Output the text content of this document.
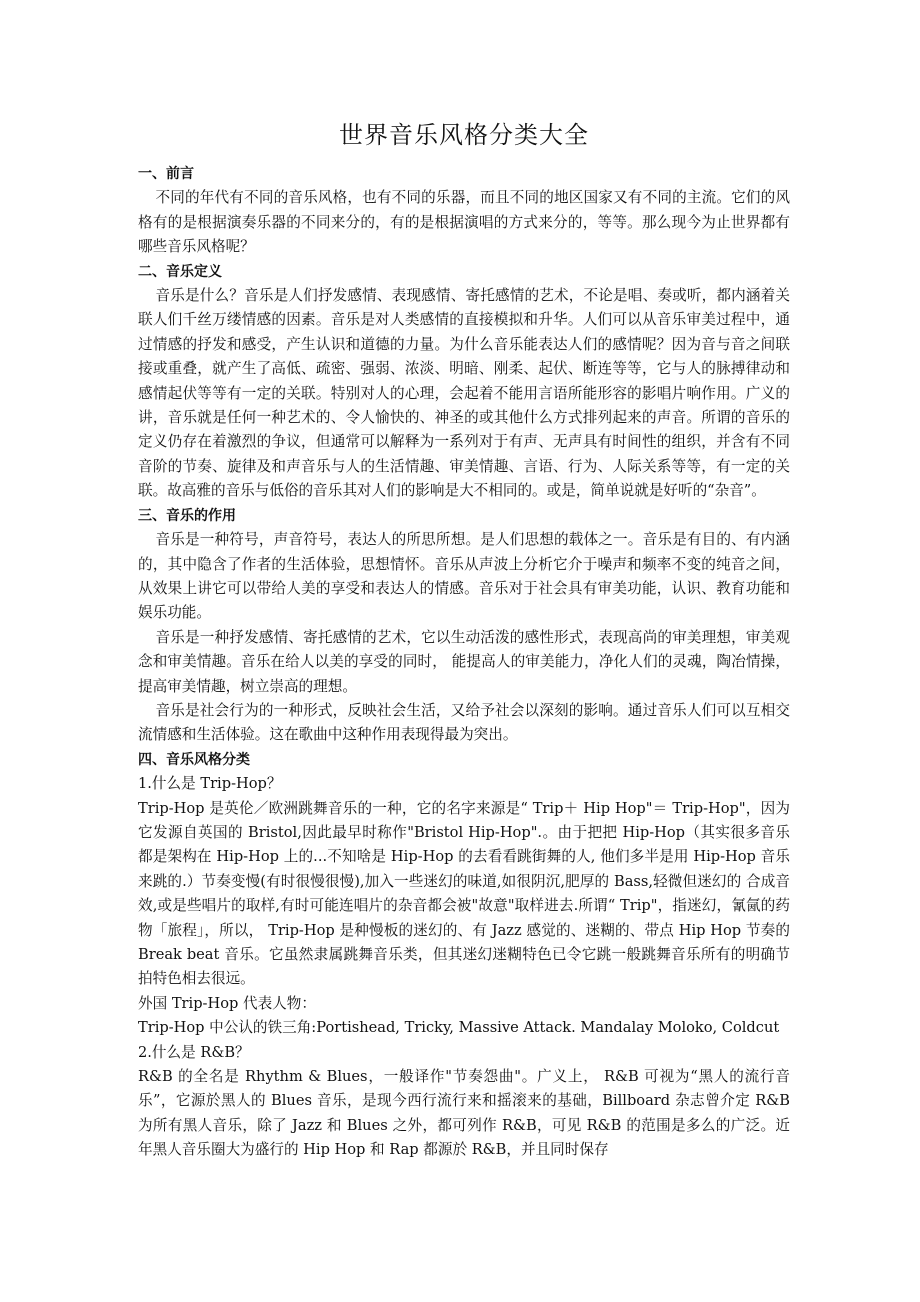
世界音乐风格分类大全

一、前言

不同的年代有不同的音乐风格，也有不同的乐器，而且不同的地区国家又有不同的主流。它们的风格有的是根据演奏乐器的不同来分的，有的是根据演唱的方式来分的，等等。那么现今为止世界都有哪些音乐风格呢？

二、音乐定义

音乐是什么？音乐是人们抒发感情、表现感情、寄托感情的艺术，不论是唱、奏或听，都内涵着关联人们千丝万缕情感的因素。音乐是对人类感情的直接模拟和升华。人们可以从音乐审美过程中，通过情感的抒发和感受，产生认识和道德的力量。为什么音乐能表达人们的感情呢？因为音与音之间联接或重叠，就产生了高低、疏密、强弱、浓淡、明暗、刚柔、起伏、断连等等，它与人的脉搏律动和感情起伏等等有一定的关联。特别对人的心理，会起着不能用言语所能形容的影唱片响作用。广义的讲，音乐就是任何一种艺术的、令人愉快的、神圣的或其他什么方式排列起来的声音。所谓的音乐的定义仍存在着激烈的争议，但通常可以解释为一系列对于有声、无声具有时间性的组织，并含有不同音阶的节奏、旋律及和声音乐与人的生活情趣、审美情趣、言语、行为、人际关系等等，有一定的关联。故高雅的音乐与低俗的音乐其对人们的影响是大不相同的。或是，简单说就是好听的“杂音”。

三、音乐的作用

音乐是一种符号，声音符号，表达人的所思所想。是人们思想的载体之一。音乐是有目的、有内涵的，其中隐含了作者的生活体验，思想情怀。音乐从声波上分析它介于噪声和频率不变的纯音之间，从效果上讲它可以带给人美的享受和表达人的情感。音乐对于社会具有审美功能，认识、教育功能和娱乐功能。

音乐是一种抒发感情、寄托感情的艺术，它以生动活泼的感性形式，表现高尚的审美理想，审美观念和审美情趣。音乐在给人以美的享受的同时， 能提高人的审美能力，净化人们的灵魂，陶冶情操，提高审美情趣，树立崇高的理想。

音乐是社会行为的一种形式，反映社会生活，又给予社会以深刻的影响。通过音乐人们可以互相交流情感和生活体验。这在歌曲中这种作用表现得最为突出。

四、音乐风格分类

1.什么是 Trip-Hop？

Trip-Hop 是英伦／欧洲跳舞音乐的一种，它的名字来源是“ Trip＋ Hip Hop"＝ Trip-Hop"，因为它发源自英国的 Bristol,因此最早时称作"Bristol Hip-Hop".。由于把把 Hip-Hop（其实很多音乐都是架构在 Hip-Hop 上的...不知啥是 Hip-Hop 的去看看跳街舞的人, 他们多半是用 Hip-Hop 音乐来跳的.）节奏变慢(有时很慢很慢),加入一些迷幻的味道,如很阴沉,肥厚的 Bass,轻微但迷幻的 合成音效,或是些唱片的取样,有时可能连唱片的杂音都会被"故意"取样进去.所谓“ Trip"，指迷幻，氰氤的药物「旅程」，所以， Trip-Hop 是种慢板的迷幻的、有 Jazz 感觉的、迷糊的、带点 Hip Hop 节奏的 Break beat 音乐。它虽然隶属跳舞音乐类，但其迷幻迷糊特色已令它跳一般跳舞音乐所有的明确节拍特色相去很远。

外国 Trip-Hop 代表人物：

Trip-Hop 中公认的铁三角:Portishead, Tricky, Massive Attack. Mandalay Moloko, Coldcut

2.什么是 R&B？

R&B 的全名是 Rhythm & Blues，一般译作"节奏怨曲"。广义上， R&B 可视为“黑人的流行音乐”，它源於黑人的 Blues 音乐，是现今西行流行来和摇滚来的基础，Billboard 杂志曾介定 R&B 为所有黑人音乐，除了 Jazz 和 Blues 之外，都可列作 R&B，可见 R&B 的范围是多么的广泛。近年黑人音乐圈大为盛行的 Hip Hop 和 Rap 都源於 R&B，并且同时保存
